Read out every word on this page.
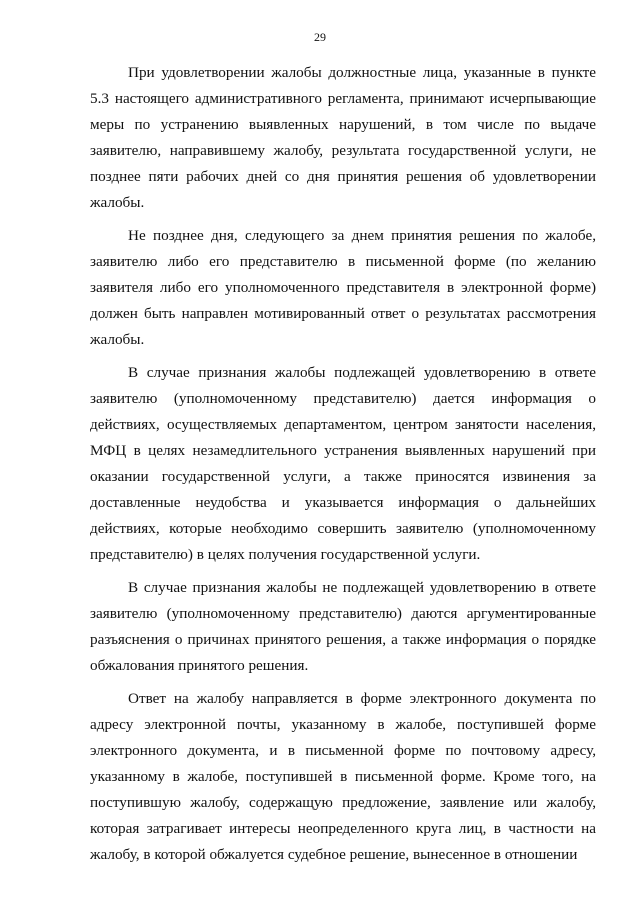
29
При удовлетворении жалобы должностные лица, указанные в пункте
5.3 настоящего административного регламента, принимают исчерпывающие
меры по устранению выявленных нарушений, в том числе по выдаче
заявителю, направившему жалобу, результата государственной услуги, не
позднее пяти рабочих дней со дня принятия решения об удовлетворении
жалобы.
Не позднее дня, следующего за днем принятия решения по жалобе,
заявителю либо его представителю в письменной форме (по желанию
заявителя либо его уполномоченного представителя в электронной форме)
должен быть направлен мотивированный ответ о результатах рассмотрения
жалобы.
В случае признания жалобы подлежащей удовлетворению в ответе
заявителю (уполномоченному представителю) дается информация о
действиях, осуществляемых департаментом, центром занятости населения,
МФЦ в целях незамедлительного устранения выявленных нарушений при
оказании государственной услуги, а также приносятся извинения за
доставленные неудобства и указывается информация о дальнейших
действиях, которые необходимо совершить заявителю (уполномоченному
представителю) в целях получения государственной услуги.
В случае признания жалобы не подлежащей удовлетворению в ответе
заявителю (уполномоченному представителю) даются аргументированные
разъяснения о причинах принятого решения, а также информация о порядке
обжалования принятого решения.
Ответ на жалобу направляется в форме электронного документа по
адресу электронной почты, указанному в жалобе, поступившей форме
электронного документа, и в письменной форме по почтовому адресу,
указанному в жалобе, поступившей в письменной форме. Кроме того, на
поступившую жалобу, содержащую предложение, заявление или жалобу,
которая затрагивает интересы неопределенного круга лиц, в частности на
жалобу, в которой обжалуется судебное решение, вынесенное в отношении
